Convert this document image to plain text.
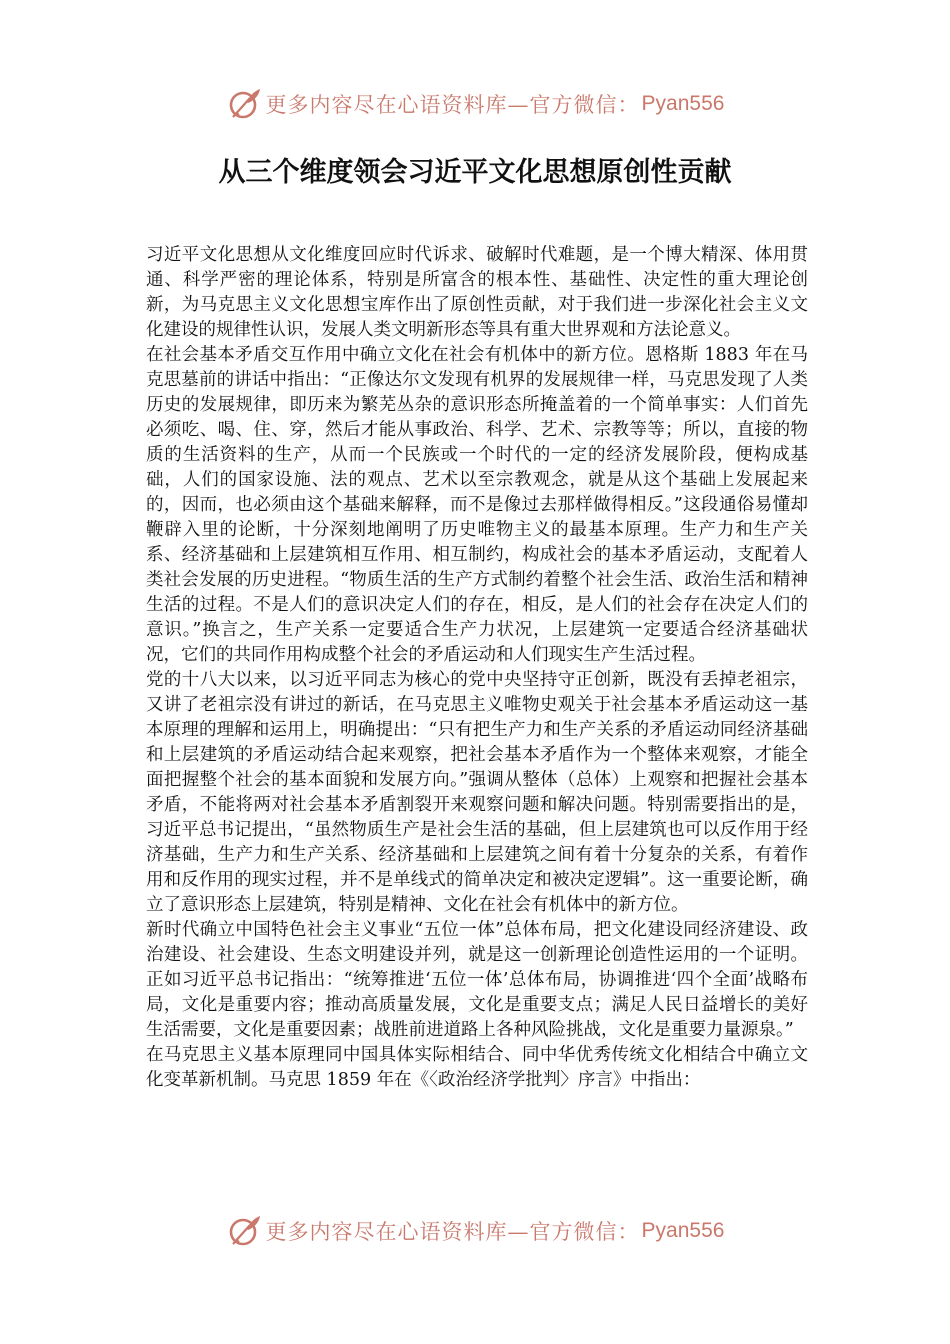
更多内容尽在心语资料库—官方微信： Pyan556
从三个维度领会习近平文化思想原创性贡献

习近平文化思想从文化维度回应时代诉求、破解时代难题，是一个博大精深、体用贯通、科学严密的理论体系，特别是所富含的根本性、基础性、决定性的重大理论创新，为马克思主义文化思想宝库作出了原创性贡献，对于我们进一步深化社会主义文化建设的规律性认识，发展人类文明新形态等具有重大世界观和方法论意义。

在社会基本矛盾交互作用中确立文化在社会有机体中的新方位。恩格斯 1883 年在马克思墓前的讲话中指出：“正像达尔文发现有机界的发展规律一样，马克思发现了人类历史的发展规律，即历来为繁芜丛杂的意识形态所掩盖着的一个简单事实：人们首先必须吃、喝、住、穿，然后才能从事政治、科学、艺术、宗教等等；所以，直接的物质的生活资料的生产，从而一个民族或一个时代的一定的经济发展阶段，便构成基础，人们的国家设施、法的观点、艺术以至宗教观念，就是从这个基础上发展起来的，因而，也必须由这个基础来解释，而不是像过去那样做得相反。”这段通俗易懂却鞭辟入里的论断，十分深刻地阐明了历史唯物主义的最基本原理。生产力和生产关系、经济基础和上层建筑相互作用、相互制约，构成社会的基本矛盾运动，支配着人类社会发展的历史进程。“物质生活的生产方式制约着整个社会生活、政治生活和精神生活的过程。不是人们的意识决定人们的存在，相反，是人们的社会存在决定人们的意识。”换言之，生产关系一定要适合生产力状况，上层建筑一定要适合经济基础状况，它们的共同作用构成整个社会的矛盾运动和人们现实生产生活过程。

党的十八大以来，以习近平同志为核心的党中央坚持守正创新，既没有丢掉老祖宗，又讲了老祖宗没有讲过的新话，在马克思主义唯物史观关于社会基本矛盾运动这一基本原理的理解和运用上，明确提出：“只有把生产力和生产关系的矛盾运动同经济基础和上层建筑的矛盾运动结合起来观察，把社会基本矛盾作为一个整体来观察，才能全面把握整个社会的基本面貌和发展方向。”强调从整体（总体）上观察和把握社会基本矛盾，不能将两对社会基本矛盾割裂开来观察问题和解决问题。特别需要指出的是，习近平总书记提出，“虽然物质生产是社会生活的基础，但上层建筑也可以反作用于经济基础，生产力和生产关系、经济基础和上层建筑之间有着十分复杂的关系，有着作用和反作用的现实过程，并不是单线式的简单决定和被决定逻辑”。这一重要论断，确立了意识形态上层建筑，特别是精神、文化在社会有机体中的新方位。

新时代确立中国特色社会主义事业“五位一体”总体布局，把文化建设同经济建设、政治建设、社会建设、生态文明建设并列，就是这一创新理论创造性运用的一个证明。正如习近平总书记指出：“统筹推进‘五位一体’总体布局，协调推进‘四个全面’战略布局，文化是重要内容；推动高质量发展，文化是重要支点；满足人民日益增长的美好生活需要，文化是重要因素；战胜前进道路上各种风险挑战，文化是重要力量源泉。”

在马克思主义基本原理同中国具体实际相结合、同中华优秀传统文化相结合中确立文化变革新机制。马克思 1859 年在《〈政治经济学批判〉序言》中指出：

更多内容尽在心语资料库—官方微信： Pyan556
